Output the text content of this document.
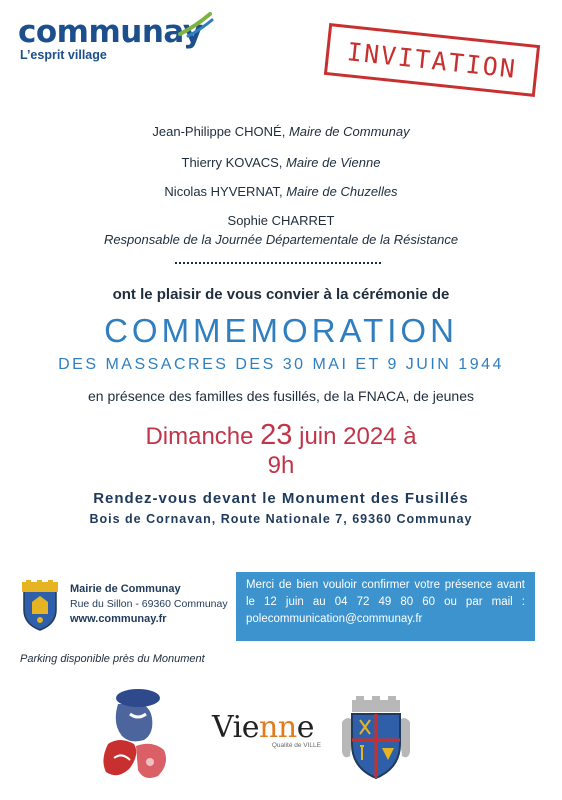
communay
L’esprit village	INVITATION
Jean-Philippe CHONÉ, Maire de Communay
Thierry KOVACS, Maire de Vienne
Nicolas HYVERNAT, Maire de Chuzelles
Sophie CHARRET
Responsable de la Journée Départementale de la Résistance
ont le plaisir de vous convier à la cérémonie de
COMMEMORATION
DES MASSACRES DES 30 MAI ET 9 JUIN 1944
en présence des familles des fusillés, de la FNACA, de jeunes
Dimanche 23 juin 2024 à
9h
Rendez-vous devant le Monument des Fusillés
Bois de Cornavan, Route Nationale 7, 69360 Communay
Mairie de Communay
Rue du Sillon - 69360 Communay
www.communay.fr
Merci de bien vouloir confirmer votre présence avant le 12 juin au 04 72 49 80 60 ou par mail : polecommunication@communay.fr
Parking disponible près du Monument
Vienne
Qualité de VILLE
